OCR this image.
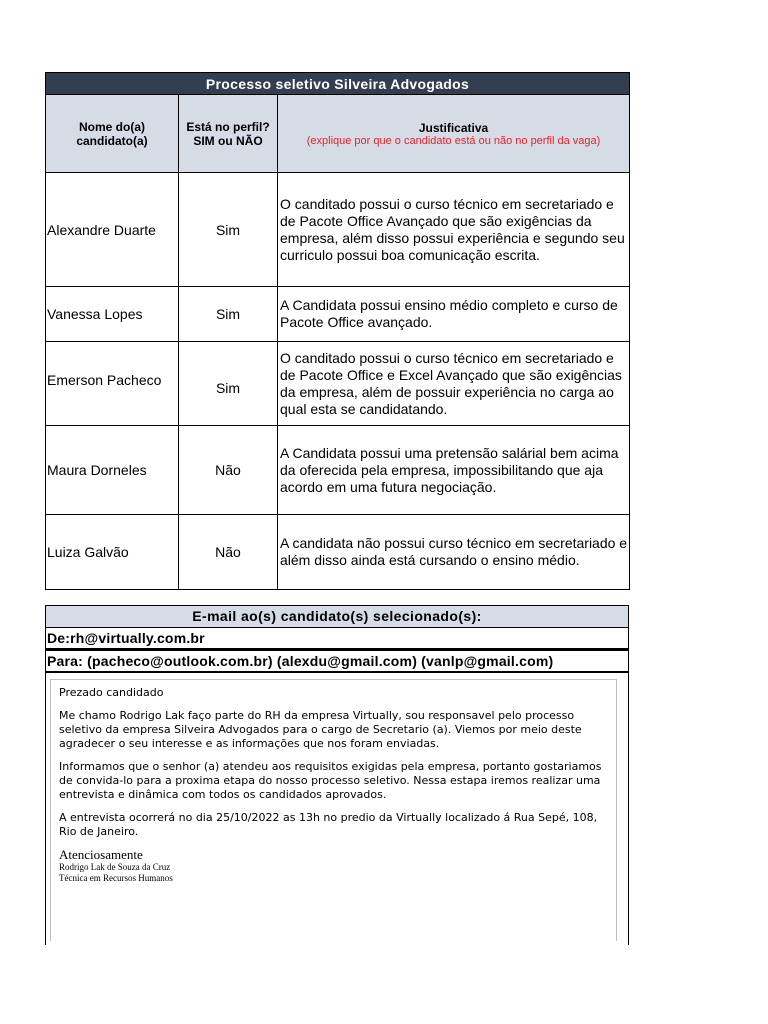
Processo seletivo Silveira Advogados		
Nome do(a) candidato(a)	Está no perfil? SIM ou NÃO	Justificativa
(explique por que o candidato está ou não no perfil da vaga)

Alexandre Duarte	Sim	O canditado possui o curso técnico em secretariado e de Pacote Office Avançado que são exigências da empresa, além disso possui experiência e segundo seu curriculo possui boa comunicação escrita.
Vanessa Lopes	Sim	A Candidata possui ensino médio completo e curso de Pacote Office avançado.
Emerson Pacheco	Sim	O canditado possui o curso técnico em secretariado e de Pacote Office e Excel Avançado que são exigências da empresa, além de possuir experiência no carga ao qual esta se candidatando.
Maura Dorneles	Não	A Candidata possui uma pretensão salárial bem acima da oferecida pela empresa, impossibilitando que aja acordo em uma futura negociação.
Luiza Galvão	Não	A candidata não possui curso técnico em secretariado e além disso ainda está cursando o ensino médio.
E-mail ao(s) candidato(s) selecionado(s):
De:rh@virtually.com.br
Para: (pacheco@outlook.com.br) (alexdu@gmail.com) (vanlp@gmail.com)

Prezado candidado

Me chamo Rodrigo Lak faço parte do RH da empresa Virtually, sou responsavel pelo processo seletivo da empresa Silveira Advogados para o cargo de Secretario (a). Viemos por meio deste agradecer o seu interesse e as informações que nos foram enviadas.

Informamos que o senhor (a) atendeu aos requisitos exigidas pela empresa, portanto gostariamos de convida-lo para a proxima etapa do nosso processo seletivo. Nessa estapa iremos realizar uma entrevista e dinâmica com todos os candidados aprovados.

A entrevista ocorrerá no dia 25/10/2022 as 13h no predio da Virtually localizado á Rua Sepé, 108, Rio de Janeiro.

Atenciosamente
Rodrigo Lak de Souza da Cruz
Técnica em Recursos Humanos
